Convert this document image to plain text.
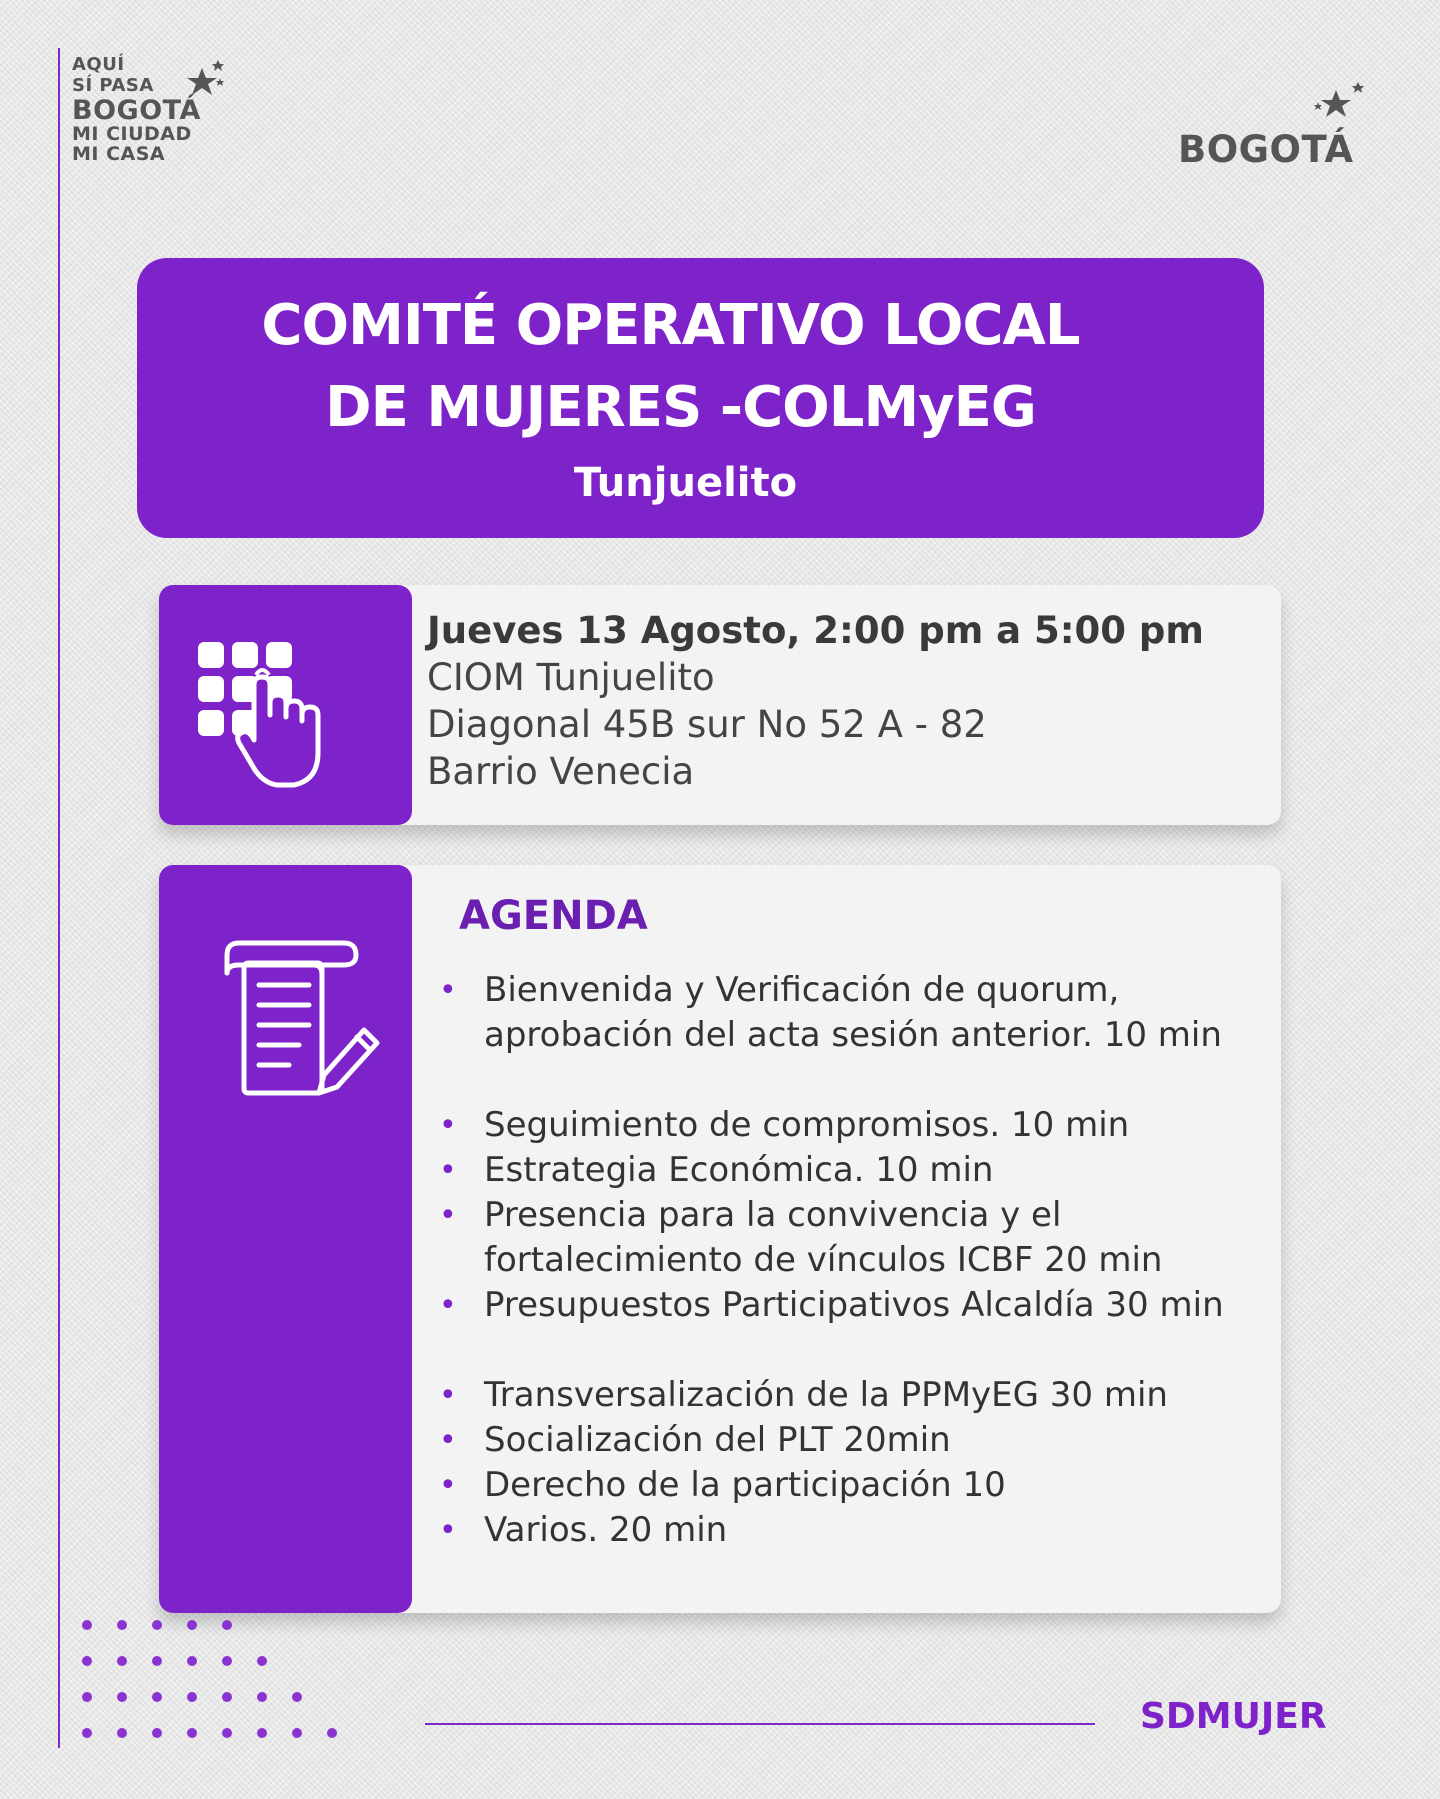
AQUÍ
SÍ PASA
BOGOTÁ
MI CIUDAD
MI CASA	BOGOTÁ
COMITÉ OPERATIVO LOCAL
DE MUJERES -COLMyEG
Tunjuelito
Jueves 13 Agosto, 2:00 pm a 5:00 pm
CIOM Tunjuelito
Diagonal 45B sur No 52 A - 82
Barrio Venecia
AGENDA
• Bienvenida y Verificación de quorum, aprobación del acta sesión anterior. 10 min
• Seguimiento de compromisos. 10 min
• Estrategia Económica. 10 min
• Presencia para la convivencia y el fortalecimiento de vínculos ICBF 20 min
• Presupuestos Participativos Alcaldía 30 min
• Transversalización de la PPMyEG 30 min
• Socialización del PLT 20min
• Derecho de la participación 10
• Varios. 20 min
SDMUJER
